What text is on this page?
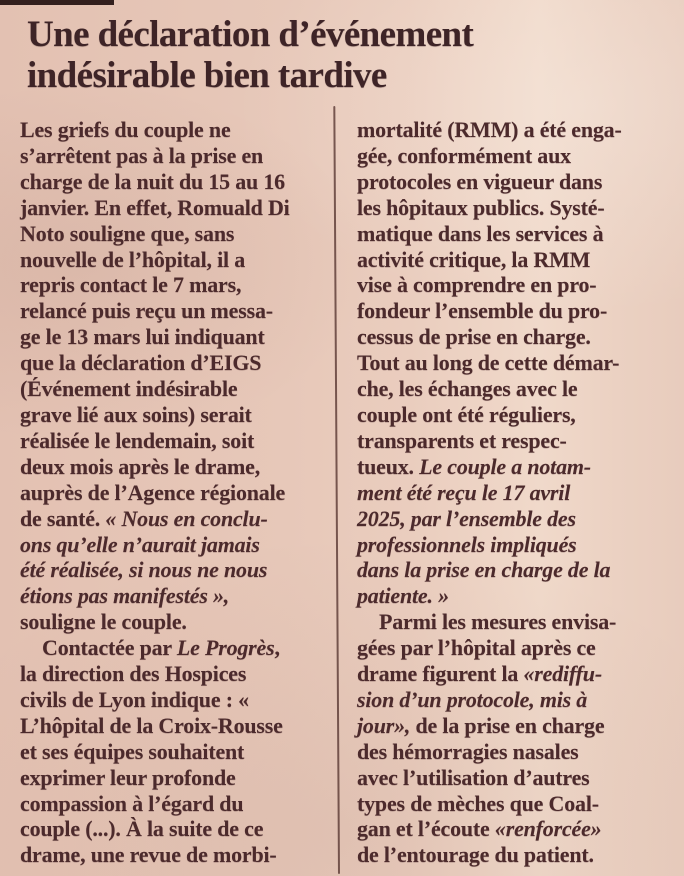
Une déclaration d’événement
indésirable bien tardive
Les griefs du couple ne
s’arrêtent pas à la prise en
charge de la nuit du 15 au 16
janvier. En effet, Romuald Di
Noto souligne que, sans
nouvelle de l’hôpital, il a
repris contact le 7 mars,
relancé puis reçu un messa-
ge le 13 mars lui indiquant
que la déclaration d’EIGS
(Événement indésirable
grave lié aux soins) serait
réalisée le lendemain, soit
deux mois après le drame,
auprès de l’Agence régionale
de santé. « Nous en conclu-
ons qu’elle n’aurait jamais
été réalisée, si nous ne nous
étions pas manifestés »,
souligne le couple.
Contactée par Le Progrès,
la direction des Hospices
civils de Lyon indique : «
L’hôpital de la Croix-Rousse
et ses équipes souhaitent
exprimer leur profonde
compassion à l’égard du
couple (...). À la suite de ce
drame, une revue de morbi-
mortalité (RMM) a été enga-
gée, conformément aux
protocoles en vigueur dans
les hôpitaux publics. Systé-
matique dans les services à
activité critique, la RMM
vise à comprendre en pro-
fondeur l’ensemble du pro-
cessus de prise en charge.
Tout au long de cette démar-
che, les échanges avec le
couple ont été réguliers,
transparents et respec-
tueux. Le couple a notam-
ment été reçu le 17 avril
2025, par l’ensemble des
professionnels impliqués
dans la prise en charge de la
patiente. »
Parmi les mesures envisa-
gées par l’hôpital après ce
drame figurent la «rediffu-
sion d’un protocole, mis à
jour», de la prise en charge
des hémorragies nasales
avec l’utilisation d’autres
types de mèches que Coal-
gan et l’écoute «renforcée»
de l’entourage du patient.
